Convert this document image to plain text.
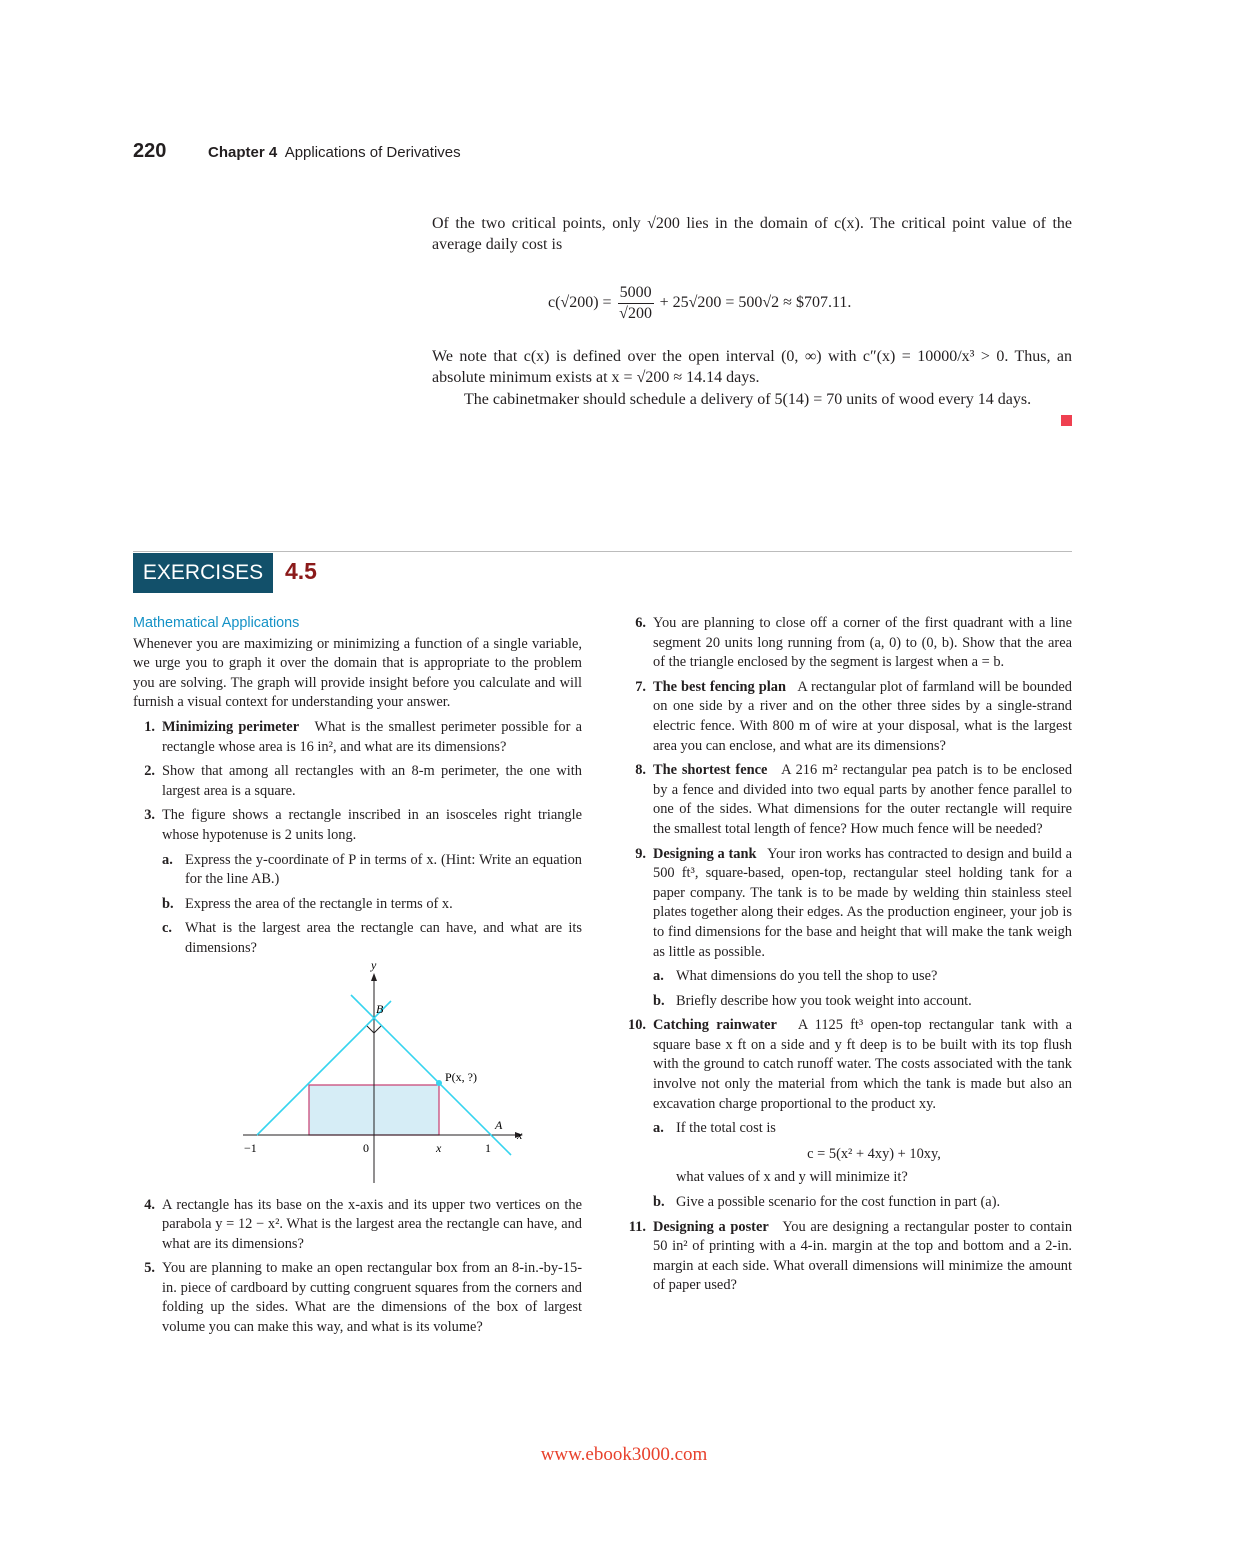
220	Chapter 4 Applications of Derivatives

Of the two critical points, only √200 lies in the domain of c(x). The critical point value of the average daily cost is

$c(√200) = \frac{5000}{√200} + 25√200 = 500√2$ ≈ $707.11.

We note that c(x) is defined over the open interval (0, ∞) with c″(x) = 10000/x³ > 0. Thus, an absolute minimum exists at x = √200 ≈ 14.14 days.

The cabinetmaker should schedule a delivery of 5(14) = 70 units of wood every 14 days.

EXERCISES 4.5
Mathematical Applications

Whenever you are maximizing or minimizing a function of a single variable, we urge you to graph it over the domain that is appropriate to the problem you are solving. The graph will provide insight before you calculate and will furnish a visual context for understanding your answer.

1. Minimizing perimeter What is the smallest perimeter possible for a rectangle whose area is 16 in², and what are its dimensions?
2. Show that among all rectangles with an 8-m perimeter, the one with largest area is a square.
3. The figure shows a rectangle inscribed in an isosceles right triangle whose hypotenuse is 2 units long.
a. Express the y-coordinate of P in terms of x. (Hint: Write an equation for the line AB.)
b. Express the area of the rectangle in terms of x.
c. What is the largest area the rectangle can have, and what are its dimensions?
y
B
P(x, ?)
A
x
−1	0	x	1
4. A rectangle has its base on the x-axis and its upper two vertices on the parabola y = 12 − x². What is the largest area the rectangle can have, and what are its dimensions?
5. You are planning to make an open rectangular box from an 8-in.-by-15-in. piece of cardboard by cutting congruent squares from the corners and folding up the sides. What are the dimensions of the box of largest volume you can make this way, and what is its volume?
6. You are planning to close off a corner of the first quadrant with a line segment 20 units long running from (a, 0) to (0, b). Show that the area of the triangle enclosed by the segment is largest when a = b.
7. The best fencing plan A rectangular plot of farmland will be bounded on one side by a river and on the other three sides by a single-strand electric fence. With 800 m of wire at your disposal, what is the largest area you can enclose, and what are its dimensions?
8. The shortest fence A 216 m² rectangular pea patch is to be enclosed by a fence and divided into two equal parts by another fence parallel to one of the sides. What dimensions for the outer rectangle will require the smallest total length of fence? How much fence will be needed?
9. Designing a tank Your iron works has contracted to design and build a 500 ft³, square-based, open-top, rectangular steel holding tank for a paper company. The tank is to be made by welding thin stainless steel plates together along their edges. As the production engineer, your job is to find dimensions for the base and height that will make the tank weigh as little as possible.
a. What dimensions do you tell the shop to use?
b. Briefly describe how you took weight into account.
10. Catching rainwater A 1125 ft³ open-top rectangular tank with a square base x ft on a side and y ft deep is to be built with its top flush with the ground to catch runoff water. The costs associated with the tank involve not only the material from which the tank is made but also an excavation charge proportional to the product xy.
a. If the total cost is
c = 5(x² + 4xy) + 10xy,
what values of x and y will minimize it?
b. Give a possible scenario for the cost function in part (a).
11. Designing a poster You are designing a rectangular poster to contain 50 in² of printing with a 4-in. margin at the top and bottom and a 2-in. margin at each side. What overall dimensions will minimize the amount of paper used?
www.ebook3000.com
